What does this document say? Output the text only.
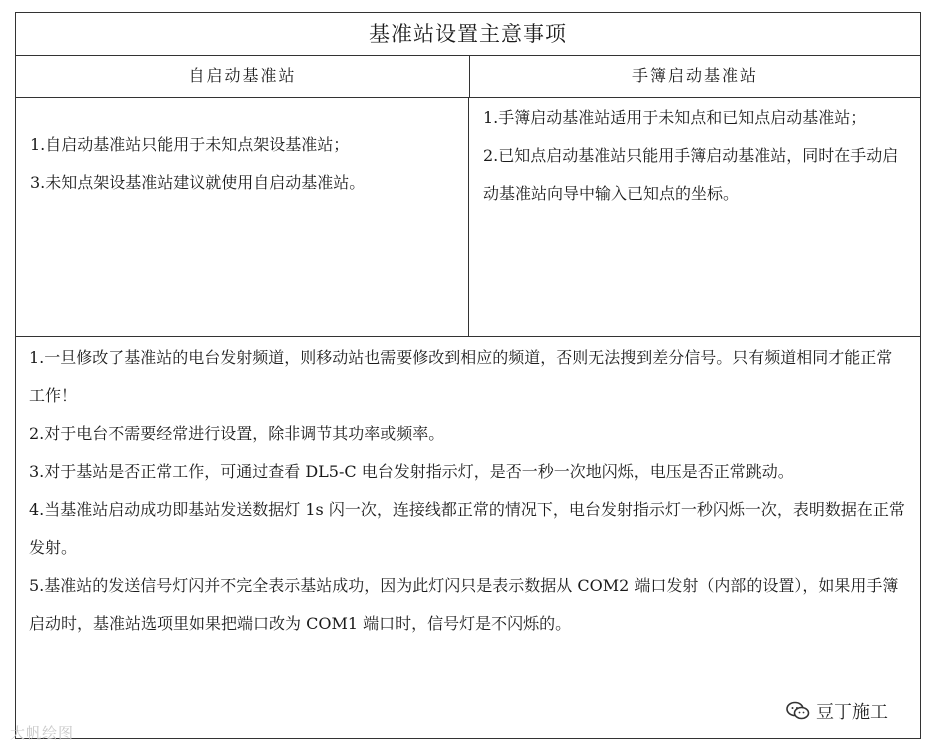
基准站设置主意事项
自启动基准站	手簿启动基准站

1.自启动基准站只能用于未知点架设基准站；

3.未知点架设基准站建议就使用自启动基准站。

1.手簿启动基准站适用于未知点和已知点启动基准站；

2.已知点启动基准站只能用手簿启动基准站，同时在手动启动基准站向导中输入已知点的坐标。

1.一旦修改了基准站的电台发射频道，则移动站也需要修改到相应的频道，否则无法搜到差分信号。只有频道相同才能正常工作！

2.对于电台不需要经常进行设置，除非调节其功率或频率。

3.对于基站是否正常工作，可通过查看 DL5-C 电台发射指示灯，是否一秒一次地闪烁，电压是否正常跳动。

4.当基准站启动成功即基站发送数据灯 1s 闪一次，连接线都正常的情况下，电台发射指示灯一秒闪烁一次，表明数据在正常发射。

5.基准站的发送信号灯闪并不完全表示基站成功，因为此灯闪只是表示数据从 COM2 端口发射（内部的设置），如果用手簿启动时，基准站选项里如果把端口改为 COM1 端口时，信号灯是不闪烁的。

大帆绘图
豆丁施工
